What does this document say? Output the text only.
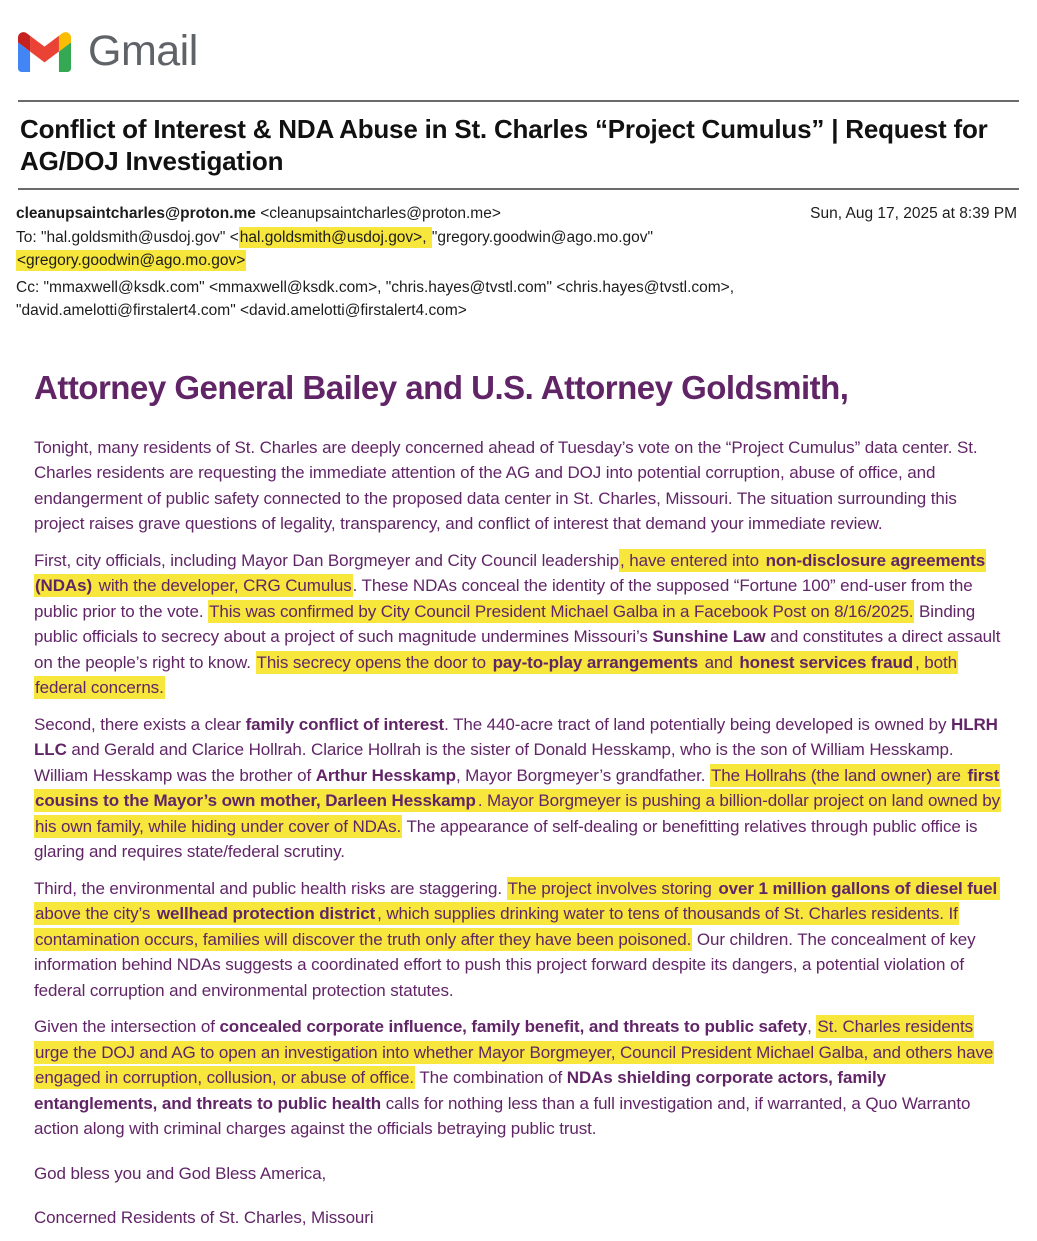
Gmail
Conflict of Interest & NDA Abuse in St. Charles “Project Cumulus” | Request for AG/DOJ Investigation
cleanupsaintcharles@proton.me <cleanupsaintcharles@proton.me>	Sun, Aug 17, 2025 at 8:39 PM
To: "hal.goldsmith@usdoj.gov" <hal.goldsmith@usdoj.gov>, "gregory.goodwin@ago.mo.gov"
<gregory.goodwin@ago.mo.gov>
Cc: "mmaxwell@ksdk.com" <mmaxwell@ksdk.com>, "chris.hayes@tvstl.com" <chris.hayes@tvstl.com>,
"david.amelotti@firstalert4.com" <david.amelotti@firstalert4.com>
Attorney General Bailey and U.S. Attorney Goldsmith,

Tonight, many residents of St. Charles are deeply concerned ahead of Tuesday’s vote on the “Project Cumulus” data center. St. Charles residents are requesting the immediate attention of the AG and DOJ into potential corruption, abuse of office, and endangerment of public safety connected to the proposed data center in St. Charles, Missouri. The situation surrounding this project raises grave questions of legality, transparency, and conflict of interest that demand your immediate review.

First, city officials, including Mayor Dan Borgmeyer and City Council leadership, have entered into non-disclosure agreements (NDAs) with the developer, CRG Cumulus. These NDAs conceal the identity of the supposed “Fortune 100” end-user from the public prior to the vote. This was confirmed by City Council President Michael Galba in a Facebook Post on 8/16/2025. Binding public officials to secrecy about a project of such magnitude undermines Missouri’s Sunshine Law and constitutes a direct assault on the people’s right to know. This secrecy opens the door to pay-to-play arrangements and honest services fraud , both federal concerns.

Second, there exists a clear family conflict of interest. The 440-acre tract of land potentially being developed is owned by HLRH LLC and Gerald and Clarice Hollrah. Clarice Hollrah is the sister of Donald Hesskamp, who is the son of William Hesskamp. William Hesskamp was the brother of Arthur Hesskamp, Mayor Borgmeyer’s grandfather. The Hollrahs (the land owner) are first cousins to the Mayor’s own mother, Darleen Hesskamp . Mayor Borgmeyer is pushing a billion-dollar project on land owned by his own family, while hiding under cover of NDAs. The appearance of self-dealing or benefitting relatives through public office is glaring and requires state/federal scrutiny.

Third, the environmental and public health risks are staggering. The project involves storing over 1 million gallons of diesel fuel above the city’s wellhead protection district , which supplies drinking water to tens of thousands of St. Charles residents. If contamination occurs, families will discover the truth only after they have been poisoned. Our children. The concealment of key information behind NDAs suggests a coordinated effort to push this project forward despite its dangers, a potential violation of federal corruption and environmental protection statutes.

Given the intersection of concealed corporate influence, family benefit, and threats to public safety, St. Charles residents urge the DOJ and AG to open an investigation into whether Mayor Borgmeyer, Council President Michael Galba, and others have engaged in corruption, collusion, or abuse of office. The combination of NDAs shielding corporate actors, family entanglements, and threats to public health calls for nothing less than a full investigation and, if warranted, a Quo Warranto action along with criminal charges against the officials betraying public trust.

God bless you and God Bless America,

Concerned Residents of St. Charles, Missouri
